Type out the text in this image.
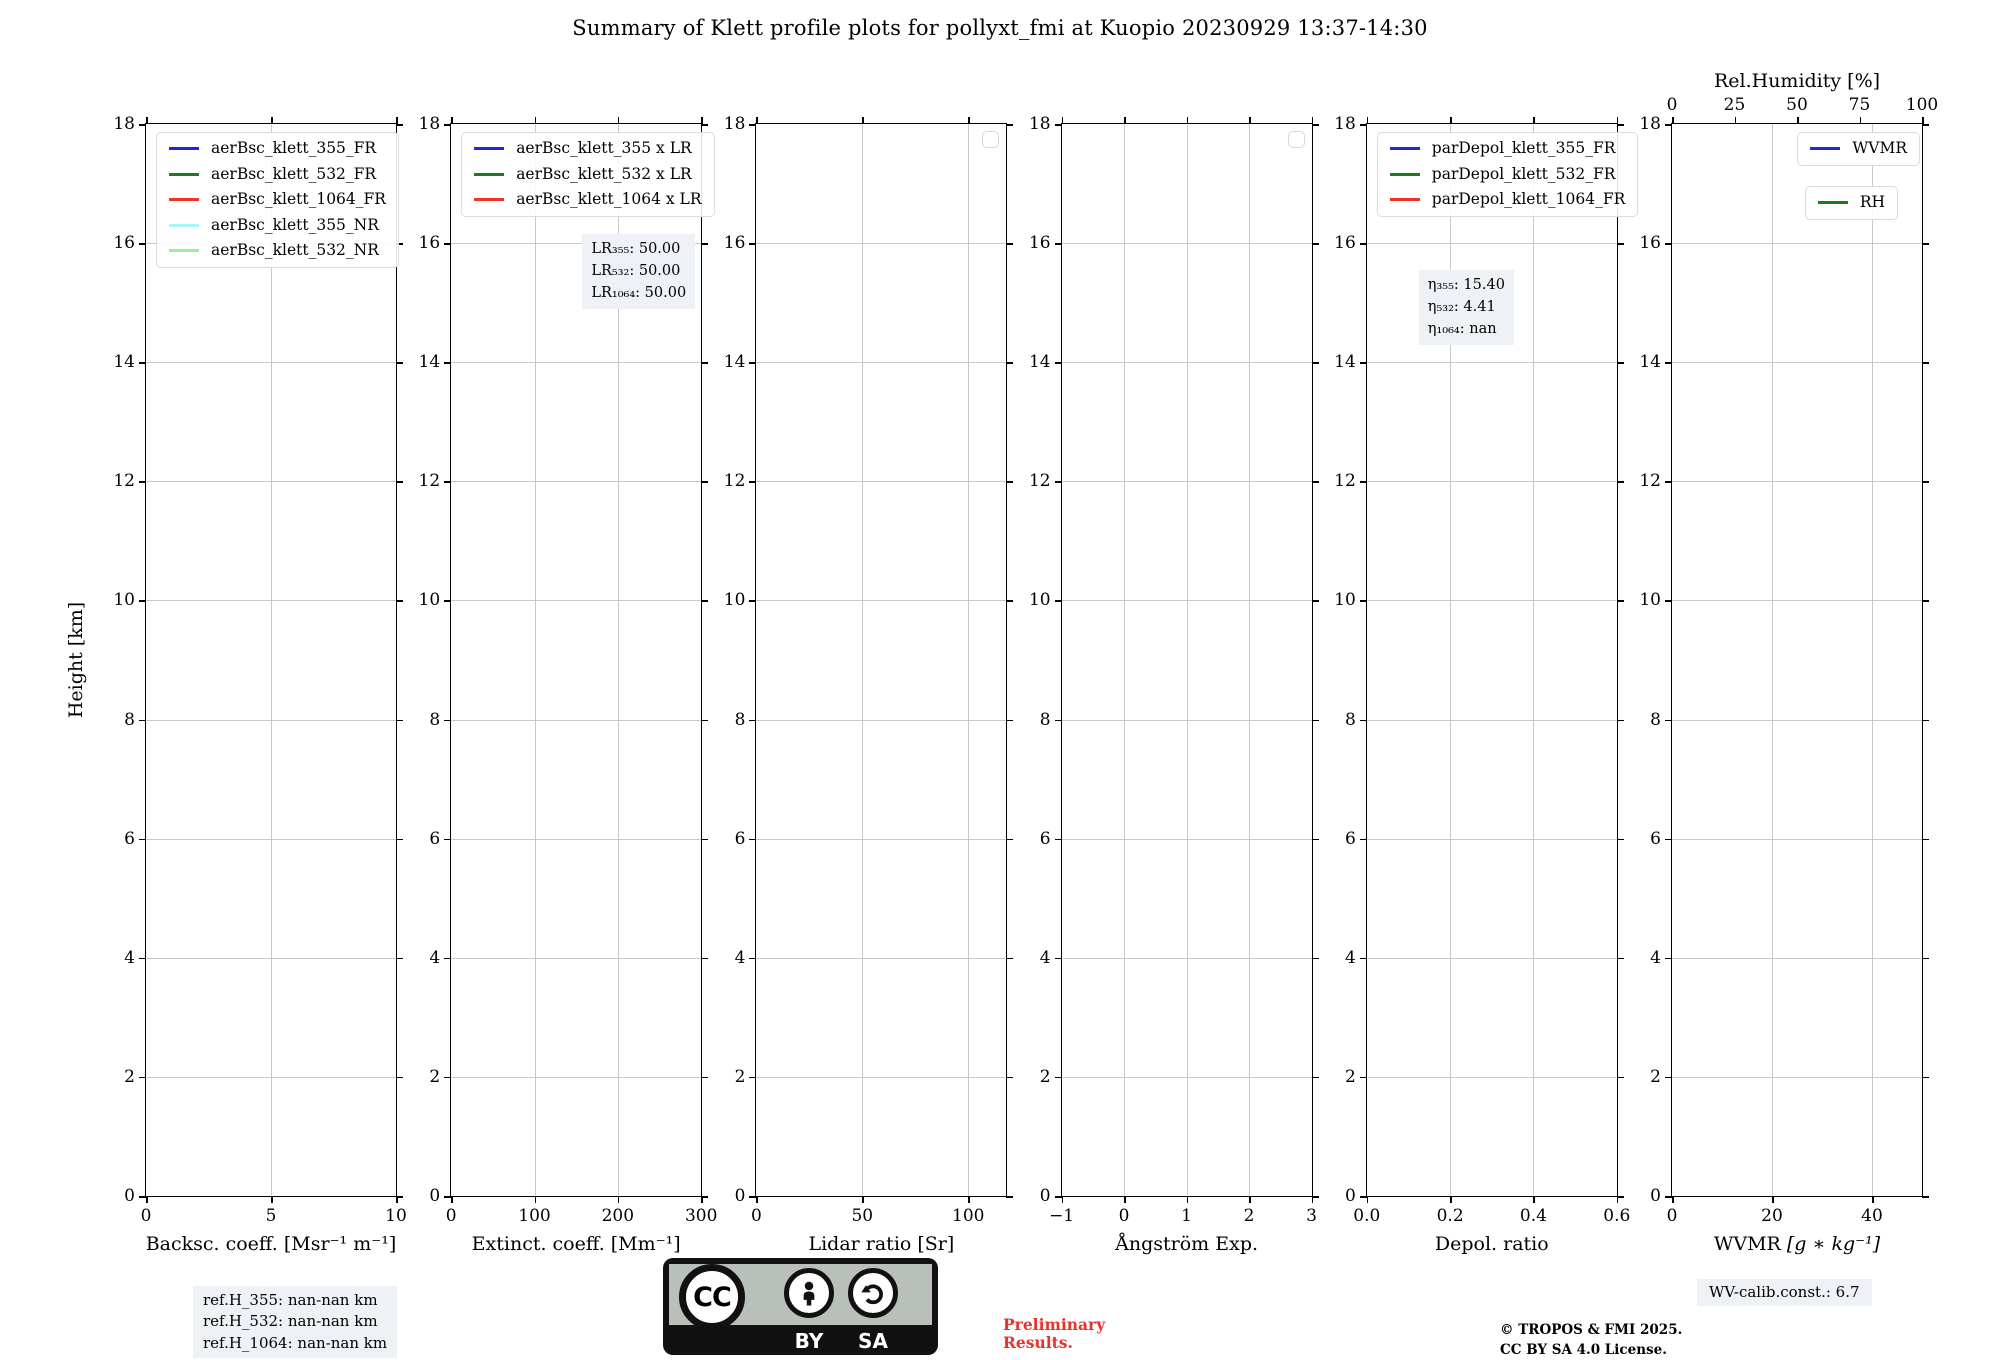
Summary of Klett profile plots for pollyxt_fmi at Kuopio 20230929 13:37-14:30
Height [km]
0	5	10
0
2
4
6
8
10
12
14
16
18
aerBsc_klett_355_FR
aerBsc_klett_532_FR
aerBsc_klett_1064_FR
aerBsc_klett_355_NR
aerBsc_klett_532_NR
Backsc. coeff. [Msr⁻¹ m⁻¹]
0	100	200	300
0
2
4
6
8
10
12
14
16
18
aerBsc_klett_355 x LR
aerBsc_klett_532 x LR
aerBsc_klett_1064 x LR
LR₃₅₅: 50.00
LR₅₃₂: 50.00
LR₁₀₆₄: 50.00
Extinct. coeff. [Mm⁻¹]
0	50	100
0
2
4
6
8
10
12
14
16
18
Lidar ratio [Sr]
−1	0	1	2	3
0
2
4
6
8
10
12
14
16
18
Ångström Exp.
0.0	0.2	0.4	0.6
0
2
4
6
8
10
12
14
16
18
parDepol_klett_355_FR
parDepol_klett_532_FR
parDepol_klett_1064_FR
η₃₅₅: 15.40
η₅₃₂: 4.41
η₁₀₆₄: nan
Depol. ratio
0	20	40
0	25 50 75 100
Rel.Humidity [%]
0
2
4
6
8
10
12
14
16
18
WVMR
RH
WVMR [g ∗ kg⁻¹]
ref.H_355: nan-nan km
ref.H_532: nan-nan km
ref.H_1064: nan-nan km
CC
BY	SA
Preliminary
Results.
© TROPOS & FMI 2025.
CC BY SA 4.0 License.
WV-calib.const.: 6.7
